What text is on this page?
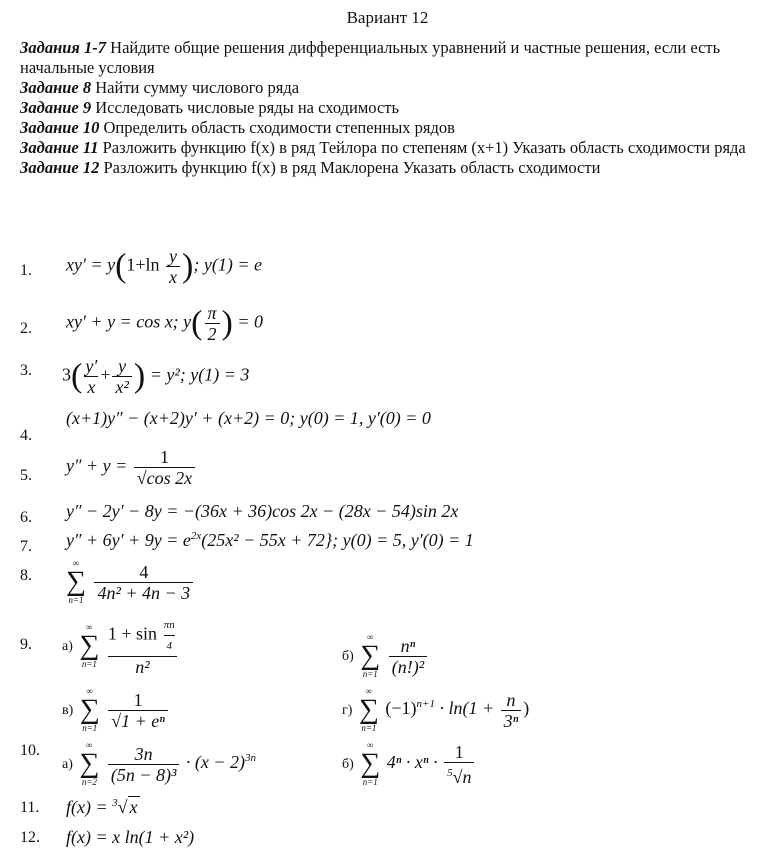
Вариант 12

Задания 1-7 Найдите общие решения дифференциальных уравнений и частные решения, если есть начальные условия

Задание 8 Найти сумму числового ряда

Задание 9 Исследовать числовые ряды на сходимость

Задание 10 Определить область сходимости степенных рядов

Задание 11 Разложить функцию f(x) в ряд Тейлора по степеням (x+1) Указать область сходимости ряда

Задание 12 Разложить функцию f(x) в ряд Маклорена Указать область сходимости

1. $xy' = y(1+\ln \frac{y}{x}$ ); y(1) = e
2. xy′ + y = cos x; $y( \frac{\pi}{2}$ ) = 0
3. $3( \frac{y'}{x} + \frac{y}{\text{x²}}$ ) = y²; y(1) = 3
4.
(x+1)y″ − (x+2)y′ + (x+2) = 0; y(0) = 1, y′(0) = 0
5. $y'' + y = \frac{1}{√\cos 2x}$
6. y″ − 2y′ − 8y = −(36x + 36)cos 2x − (28x − 54)sin 2x
7. $y'' + 6y' + 9y = e^{2x}(25x^2 - 55x + 72\}$; y(0) = 5, y′(0) = 1
8.
∞
∑
n=1
$\frac{4}{\text{4n² + 4n − 3}}$
9. а)
∞
∑
n=1
$\frac{1 + \sin \frac{\pi n}{4}}{\text{n²}}$	б)
∞
∑
n=1
$\frac{\text{nⁿ}}{\text{(n!)²}}$
в)
∞
∑
n=1
$\frac{1}{\text{√1 + eⁿ}}$	г)
∞
∑
n=1
$(-1)^{n+1} \cdot \ln(1 + \frac{n}{\text{3ⁿ}}$ )
10.
а)
∞
∑
n=2
$\frac{3n}{\text{(5n − 8)³}} \cdot (x - 2)^{3n}$	б)
∞
∑
n=1
$4^n \cdot x^n \cdot \frac{1}{^5√n}$
11. f(x) = $^3$√ x
12. f(x) = x ln(1 + x²)
